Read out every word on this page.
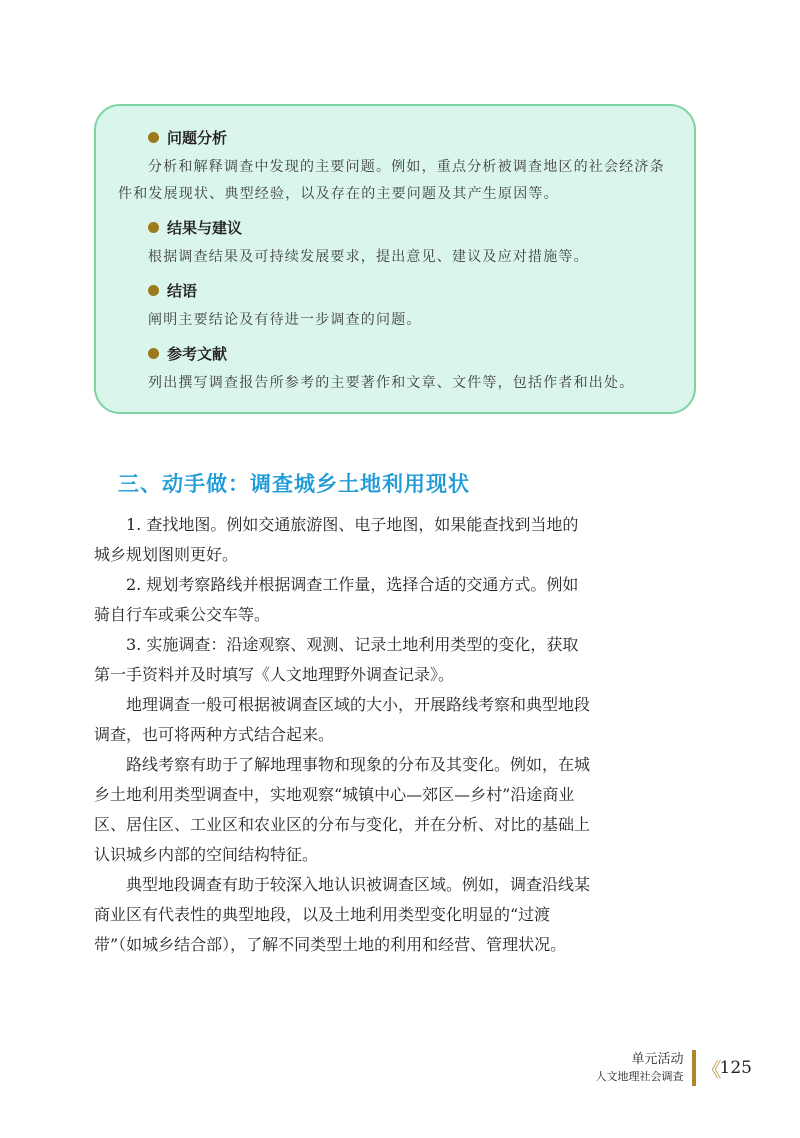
问题分析

分析和解释调查中发现的主要问题。例如，重点分析被调查地区的社会经济条件和发展现状、典型经验，以及存在的主要问题及其产生原因等。

结果与建议

根据调查结果及可持续发展要求，提出意见、建议及应对措施等。

结语

阐明主要结论及有待进一步调查的问题。

参考文献

列出撰写调查报告所参考的主要著作和文章、文件等，包括作者和出处。

三、动手做：调查城乡土地利用现状

1. 查找地图。例如交通旅游图、电子地图，如果能查找到当地的城乡规划图则更好。

2. 规划考察路线并根据调查工作量，选择合适的交通方式。例如骑自行车或乘公交车等。

3. 实施调查：沿途观察、观测、记录土地利用类型的变化，获取第一手资料并及时填写《人文地理野外调查记录》。

地理调查一般可根据被调查区域的大小，开展路线考察和典型地段调查，也可将两种方式结合起来。

路线考察有助于了解地理事物和现象的分布及其变化。例如，在城乡土地利用类型调查中，实地观察“城镇中心—郊区—乡村”沿途商业区、居住区、工业区和农业区的分布与变化，并在分析、对比的基础上认识城乡内部的空间结构特征。

典型地段调查有助于较深入地认识被调查区域。例如，调查沿线某商业区有代表性的典型地段，以及土地利用类型变化明显的“过渡带”（如城乡结合部），了解不同类型土地的利用和经营、管理状况。

单元活动
人文地理社会调查 《 125
